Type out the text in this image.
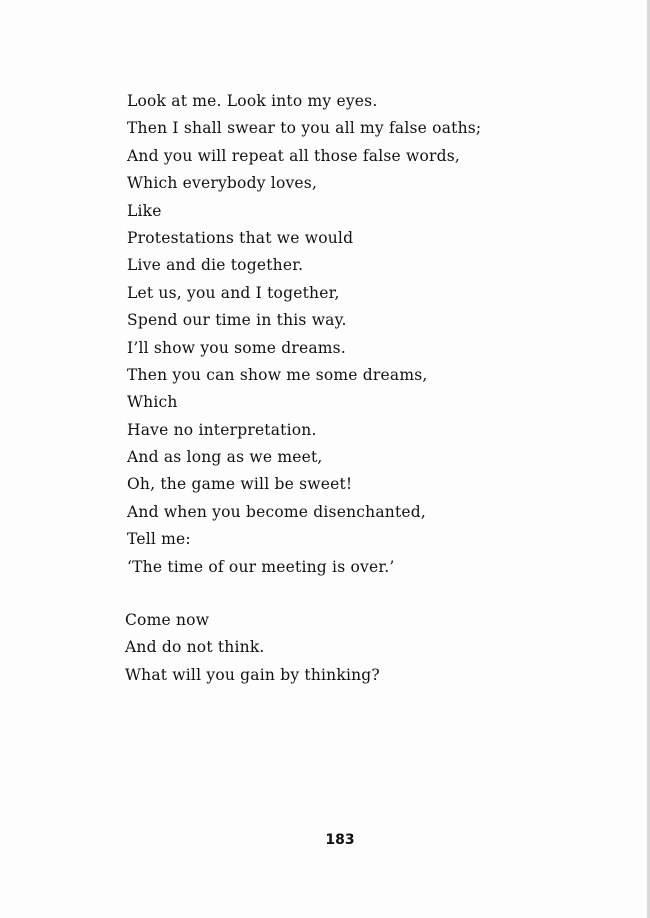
Look at me. Look into my eyes.
Then I shall swear to you all my false oaths;
And you will repeat all those false words,
Which everybody loves,
Like
Protestations that we would
Live and die together.
Let us, you and I together,
Spend our time in this way.
I’ll show you some dreams.
Then you can show me some dreams,
Which
Have no interpretation.
And as long as we meet,
Oh, the game will be sweet!
And when you become disenchanted,
Tell me:
‘The time of our meeting is over.’
Come now
And do not think.
What will you gain by thinking?
183
